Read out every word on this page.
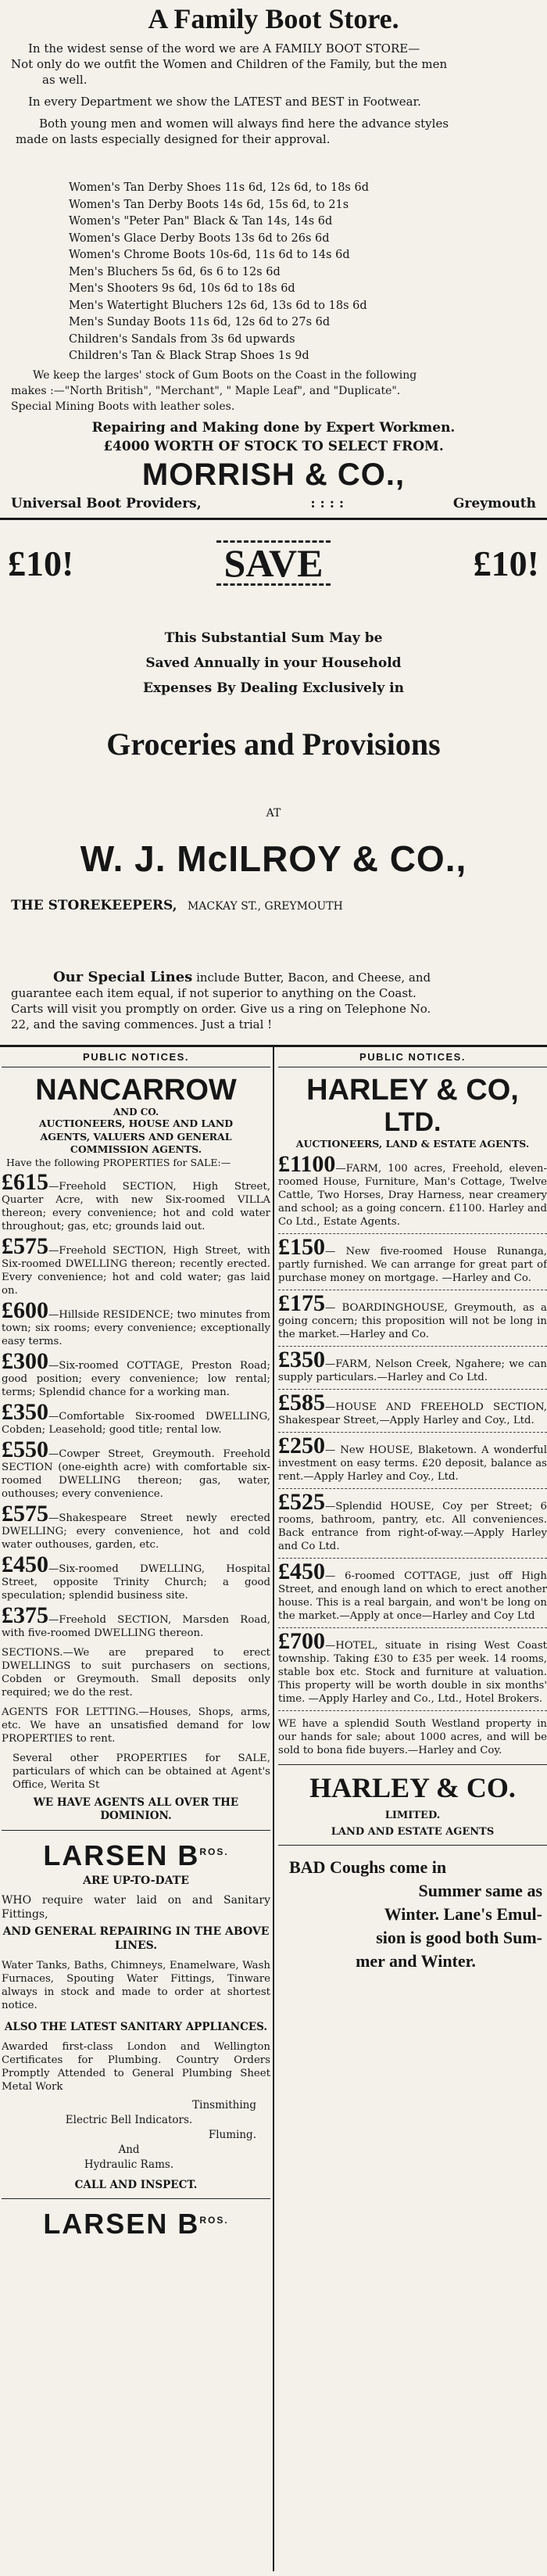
A Family Boot Store.

In the widest sense of the word we are A FAMILY BOOT STORE—

Not only do we outfit the Women and Children of the Family, but the men

as well.

In every Department we show the LATEST and BEST in Footwear.

Both young men and women will always find here the advance styles

made on lasts especially designed for their approval.

Women's Tan Derby Shoes 11s 6d, 12s 6d, to 18s 6d

Women's Tan Derby Boots 14s 6d, 15s 6d, to 21s

Women's "Peter Pan" Black & Tan 14s, 14s 6d

Women's Glace Derby Boots 13s 6d to 26s 6d

Women's Chrome Boots 10s-6d, 11s 6d to 14s 6d

Men's Bluchers 5s 6d, 6s 6 to 12s 6d

Men's Shooters 9s 6d, 10s 6d to 18s 6d

Men's Watertight Bluchers 12s 6d, 13s 6d to 18s 6d

Men's Sunday Boots 11s 6d, 12s 6d to 27s 6d

Children's Sandals from 3s 6d upwards

Children's Tan & Black Strap Shoes 1s 9d

We keep the larges' stock of Gum Boots on the Coast in the following

makes :—"North British", "Merchant", " Maple Leaf", and "Duplicate".

Special Mining Boots with leather soles.

Repairing and Making done by Expert Workmen.
£4000 WORTH OF STOCK TO SELECT FROM.
MORRISH & CO.,
Universal Boot Providers,	: : : :	Greymouth
£10!	SAVE	£10!

This Substantial Sum May be

Saved Annually in your Household

Expenses By Dealing Exclusively in

Groceries and Provisions
AT
W. J. McILROY & CO.,
THE STOREKEEPERS, MACKAY ST., GREYMOUTH

Our Special Lines include Butter, Bacon, and Cheese, and

guarantee each item equal, if not superior to anything on the Coast.

Carts will visit you promptly on order. Give us a ring on Telephone No.

22, and the saving commences. Just a trial !

PUBLIC NOTICES.
NANCARROW
AND CO.
AUCTIONEERS, HOUSE AND LAND
AGENTS, VALUERS AND GENERAL
COMMISSION AGENTS.
Have the following PROPERTIES for SALE:—
£615—Freehold SECTION, High Street, Quarter Acre, with new Six-roomed VILLA thereon; every convenience; hot and cold water throughout; gas, etc; grounds laid out.
£575—Freehold SECTION, High Street, with Six-roomed DWELLING thereon; recently erected. Every convenience; hot and cold water; gas laid on.
£600—Hillside RESIDENCE; two minutes from town; six rooms; every convenience; exceptionally easy terms.
£300—Six-roomed COTTAGE, Preston Road; good position; every convenience; low rental; terms; Splendid chance for a working man.
£350—Comfortable Six-roomed DWELLING, Cobden; Leasehold; good title; rental low.
£550—Cowper Street, Greymouth. Freehold SECTION (one-eighth acre) with comfortable six-roomed DWELLING thereon; gas, water, outhouses; every convenience.
£575—Shakespeare Street newly erected DWELLING; every convenience, hot and cold water outhouses, garden, etc.
£450—Six-roomed DWELLING, Hospital Street, opposite Trinity Church; a good speculation; splendid business site.
£375—Freehold SECTION, Marsden Road, with five-roomed DWELLING thereon.
SECTIONS.—We are prepared to erect DWELLINGS to suit purchasers on sections, Cobden or Greymouth. Small deposits only required; we do the rest.
AGENTS FOR LETTING.—Houses, Shops, arms, etc. We have an unsatisfied demand for low PROPERTIES to rent.
Several other PROPERTIES for SALE, particulars of which can be obtained at Agent's Office, Werita St
WE HAVE AGENTS ALL OVER THE DOMINION.
LARSEN $B^{ROS.}$
ARE UP-TO-DATE
WHO require water laid on and Sanitary Fittings,
AND GENERAL REPAIRING IN THE ABOVE LINES.
Water Tanks, Baths, Chimneys, Enamelware, Wash Furnaces, Spouting Water Fittings, Tinware always in stock and made to order at shortest notice.
ALSO THE LATEST SANITARY APPLIANCES.
Awarded first-class London and Wellington Certificates for Plumbing. Country Orders Promptly Attended to General Plumbing Sheet Metal Work
Tinsmithing
Electric Bell Indicators.
Fluming.
And
Hydraulic Rams.
CALL AND INSPECT.
LARSEN $B^{ROS.}$
PUBLIC NOTICES.
HARLEY & CO,
LTD.
AUCTIONEERS, LAND & ESTATE AGENTS.
£1100—FARM, 100 acres, Freehold, eleven-roomed House, Furniture, Man's Cottage, Twelve Cattle, Two Horses, Dray Harness, near creamery and school; as a going concern. £1100. Harley and Co Ltd., Estate Agents.
£150— New five-roomed House Runanga, partly furnished. We can arrange for great part of purchase money on mortgage. —Harley and Co.
£175— BOARDINGHOUSE, Greymouth, as a going concern; this proposition will not be long in the market.—Harley and Co.
£350—FARM, Nelson Creek, Ngahere; we can supply particulars.—Harley and Co Ltd.
£585—HOUSE AND FREEHOLD SECTION, Shakespear Street,—Apply Harley and Coy., Ltd.
£250— New HOUSE, Blaketown. A wonderful investment on easy terms. £20 deposit, balance as rent.—Apply Harley and Coy., Ltd.
£525—Splendid HOUSE, Coy per Street; 6 rooms, bathroom, pantry, etc. All conveniences. Back entrance from right-of-way.—Apply Harley and Co Ltd.
£450— 6-roomed COTTAGE, just off High Street, and enough land on which to erect another house. This is a real bargain, and won't be long on the market.—Apply at once—Harley and Coy Ltd
£700—HOTEL, situate in rising West Coast township. Taking £30 to £35 per week. 14 rooms, stable box etc. Stock and furniture at valuation. This property will be worth double in six months' time. —Apply Harley and Co., Ltd., Hotel Brokers.
WE have a splendid South Westland property in our hands for sale; about 1000 acres, and will be sold to bona fide buyers.—Harley and Coy.
HARLEY & CO.
LIMITED.
LAND AND ESTATE AGENTS
BAD Coughs come in
Summer same as
Winter. Lane's Emul-
sion is good both Sum-
mer and Winter.
